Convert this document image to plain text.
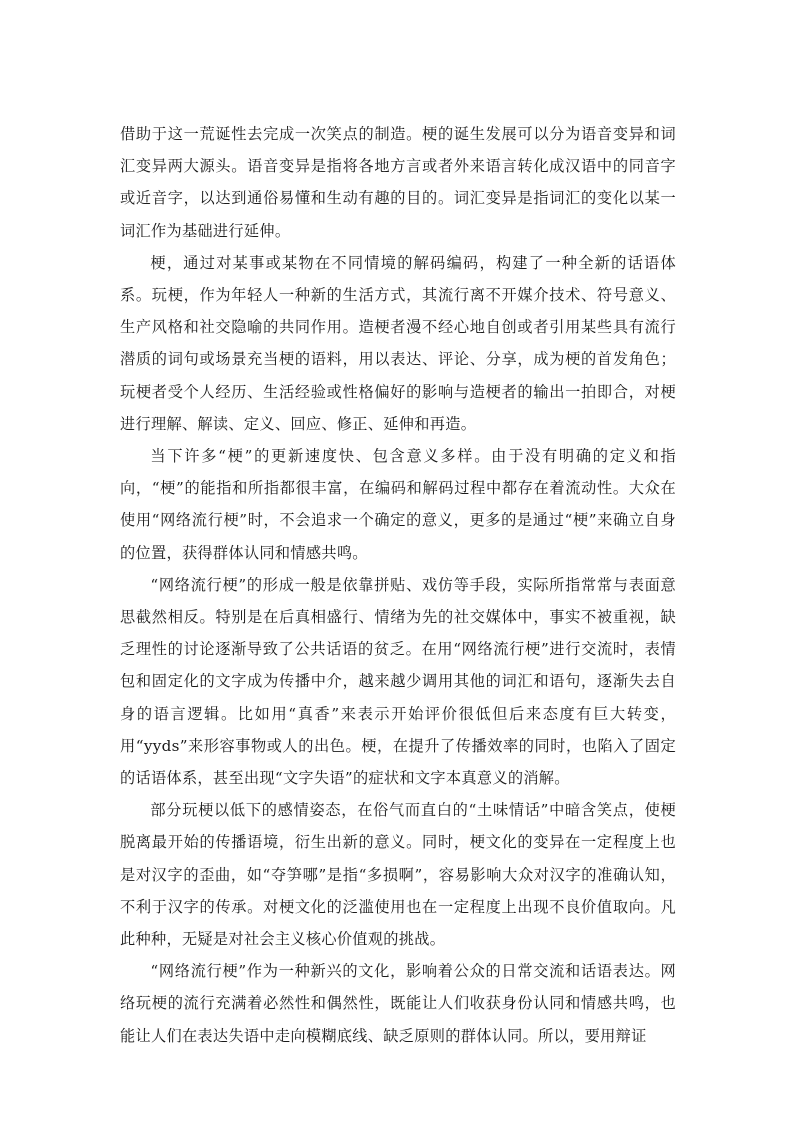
借助于这一荒诞性去完成一次笑点的制造。梗的诞生发展可以分为语音变异和词汇变异两大源头。语音变异是指将各地方言或者外来语言转化成汉语中的同音字或近音字，以达到通俗易懂和生动有趣的目的。词汇变异是指词汇的变化以某一词汇作为基础进行延伸。

梗，通过对某事或某物在不同情境的解码编码，构建了一种全新的话语体系。玩梗，作为年轻人一种新的生活方式，其流行离不开媒介技术、符号意义、生产风格和社交隐喻的共同作用。造梗者漫不经心地自创或者引用某些具有流行潜质的词句或场景充当梗的语料，用以表达、评论、分享，成为梗的首发角色；玩梗者受个人经历、生活经验或性格偏好的影响与造梗者的输出一拍即合，对梗进行理解、解读、定义、回应、修正、延伸和再造。

当下许多“梗”的更新速度快、包含意义多样。由于没有明确的定义和指向，“梗”的能指和所指都很丰富，在编码和解码过程中都存在着流动性。大众在使用“网络流行梗”时，不会追求一个确定的意义，更多的是通过“梗”来确立自身的位置，获得群体认同和情感共鸣。

“网络流行梗”的形成一般是依靠拼贴、戏仿等手段，实际所指常常与表面意思截然相反。特别是在后真相盛行、情绪为先的社交媒体中，事实不被重视，缺乏理性的讨论逐渐导致了公共话语的贫乏。在用“网络流行梗”进行交流时，表情包和固定化的文字成为传播中介，越来越少调用其他的词汇和语句，逐渐失去自身的语言逻辑。比如用“真香”来表示开始评价很低但后来态度有巨大转变，用“yyds”来形容事物或人的出色。梗，在提升了传播效率的同时，也陷入了固定的话语体系，甚至出现“文字失语”的症状和文字本真意义的消解。

部分玩梗以低下的感情姿态，在俗气而直白的“土味情话”中暗含笑点，使梗脱离最开始的传播语境，衍生出新的意义。同时，梗文化的变异在一定程度上也是对汉字的歪曲，如“夺笋哪”是指“多损啊”，容易影响大众对汉字的准确认知，不利于汉字的传承。对梗文化的泛滥使用也在一定程度上出现不良价值取向。凡此种种，无疑是对社会主义核心价值观的挑战。

“网络流行梗”作为一种新兴的文化，影响着公众的日常交流和话语表达。网络玩梗的流行充满着必然性和偶然性，既能让人们收获身份认同和情感共鸣，也能让人们在表达失语中走向模糊底线、缺乏原则的群体认同。所以，要用辩证
